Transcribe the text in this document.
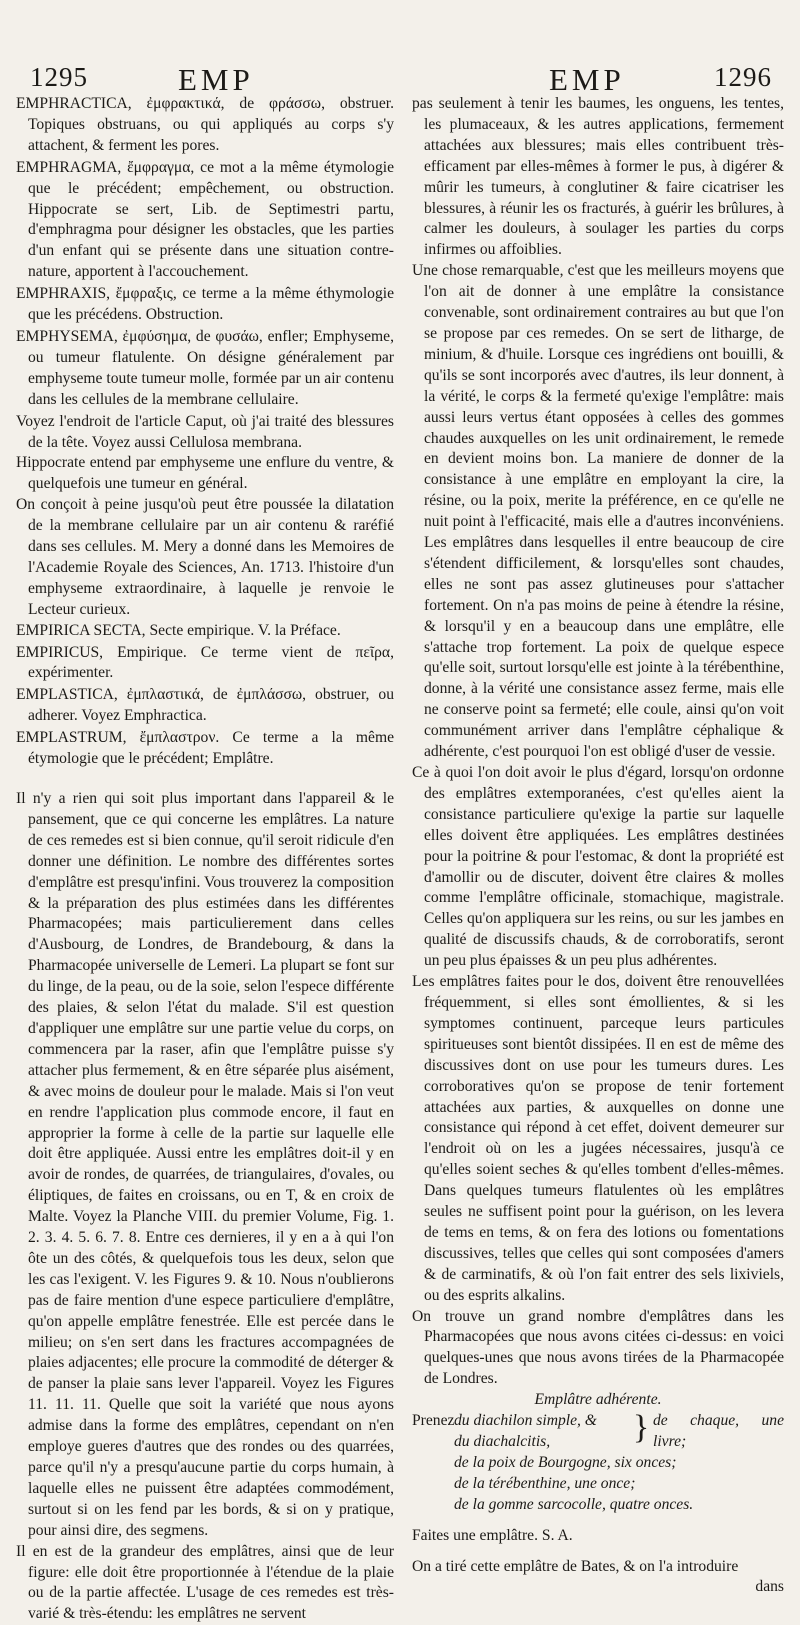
1295	EMP	EMP	1296

EMPHRACTICA, ἐμφρακτικά, de φράσσω, obstruer. Topiques obstruans, ou qui appliqués au corps s'y attachent, & ferment les pores.

EMPHRAGMA, ἔμφραγμα, ce mot a la même étymologie que le précédent; empêchement, ou obstruction. Hippocrate se sert, Lib. de Septimestri partu, d'emphragma pour désigner les obstacles, que les parties d'un enfant qui se présente dans une situation contre-nature, apportent à l'accouchement.

EMPHRAXIS, ἔμφραξις, ce terme a la même éthymologie que les précédens. Obstruction.

EMPHYSEMA, ἐμφύσημα, de φυσάω, enfler; Emphyseme, ou tumeur flatulente. On désigne généralement par emphyseme toute tumeur molle, formée par un air contenu dans les cellules de la membrane cellulaire.

Voyez l'endroit de l'article Caput, où j'ai traité des blessures de la tête. Voyez aussi Cellulosa membrana.

Hippocrate entend par emphyseme une enflure du ventre, & quelquefois une tumeur en général.

On conçoit à peine jusqu'où peut être poussée la dilatation de la membrane cellulaire par un air contenu & raréfié dans ses cellules. M. Mery a donné dans les Memoires de l'Academie Royale des Sciences, An. 1713. l'histoire d'un emphyseme extraordinaire, à laquelle je renvoie le Lecteur curieux.

EMPIRICA SECTA, Secte empirique. V. la Préface.

EMPIRICUS, Empirique. Ce terme vient de πεῖρα, expérimenter.

EMPLASTICA, ἐμπλαστικά, de ἐμπλάσσω, obstruer, ou adherer. Voyez Emphractica.

EMPLASTRUM, ἔμπλαστρον. Ce terme a la même étymologie que le précédent; Emplâtre.

Il n'y a rien qui soit plus important dans l'appareil & le pansement, que ce qui concerne les emplâtres. La nature de ces remedes est si bien connue, qu'il seroit ridicule d'en donner une définition. Le nombre des différentes sortes d'emplâtre est presqu'infini. Vous trouverez la composition & la préparation des plus estimées dans les différentes Pharmacopées; mais particulierement dans celles d'Ausbourg, de Londres, de Brandebourg, & dans la Pharmacopée universelle de Lemeri. La plupart se font sur du linge, de la peau, ou de la soie, selon l'espece différente des plaies, & selon l'état du malade. S'il est question d'appliquer une emplâtre sur une partie velue du corps, on commencera par la raser, afin que l'emplâtre puisse s'y attacher plus fermement, & en être séparée plus aisément, & avec moins de douleur pour le malade. Mais si l'on veut en rendre l'application plus commode encore, il faut en approprier la forme à celle de la partie sur laquelle elle doit être appliquée. Aussi entre les emplâtres doit-il y en avoir de rondes, de quarrées, de triangulaires, d'ovales, ou éliptiques, de faites en croissans, ou en T, & en croix de Malte. Voyez la Planche VIII. du premier Volume, Fig. 1. 2. 3. 4. 5. 6. 7. 8. Entre ces dernieres, il y en a à qui l'on ôte un des côtés, & quelquefois tous les deux, selon que les cas l'exigent. V. les Figures 9. & 10. Nous n'oublierons pas de faire mention d'une espece particuliere d'emplâtre, qu'on appelle emplâtre fenestrée. Elle est percée dans le milieu; on s'en sert dans les fractures accompagnées de plaies adjacentes; elle procure la commodité de déterger & de panser la plaie sans lever l'appareil. Voyez les Figures 11. 11. 11. Quelle que soit la variété que nous ayons admise dans la forme des emplâtres, cependant on n'en employe gueres d'autres que des rondes ou des quarrées, parce qu'il n'y a presqu'aucune partie du corps humain, à laquelle elles ne puissent être adaptées commodément, surtout si on les fend par les bords, & si on y pratique, pour ainsi dire, des segmens.

Il en est de la grandeur des emplâtres, ainsi que de leur figure: elle doit être proportionnée à l'étendue de la plaie ou de la partie affectée. L'usage de ces remedes est très-varié & très-étendu: les emplâtres ne servent

pas seulement à tenir les baumes, les onguens, les tentes, les plumaceaux, & les autres applications, fermement attachées aux blessures; mais elles contribuent très-efficament par elles-mêmes à former le pus, à digérer & mûrir les tumeurs, à conglutiner & faire cicatriser les blessures, à réunir les os fracturés, à guérir les brûlures, à calmer les douleurs, à soulager les parties du corps infirmes ou affoiblies.

Une chose remarquable, c'est que les meilleurs moyens que l'on ait de donner à une emplâtre la consistance convenable, sont ordinairement contraires au but que l'on se propose par ces remedes. On se sert de litharge, de minium, & d'huile. Lorsque ces ingrédiens ont bouilli, & qu'ils se sont incorporés avec d'autres, ils leur donnent, à la vérité, le corps & la fermeté qu'exige l'emplâtre: mais aussi leurs vertus étant opposées à celles des gommes chaudes auxquelles on les unit ordinairement, le remede en devient moins bon. La maniere de donner de la consistance à une emplâtre en employant la cire, la résine, ou la poix, merite la préférence, en ce qu'elle ne nuit point à l'efficacité, mais elle a d'autres inconvéniens. Les emplâtres dans lesquelles il entre beaucoup de cire s'étendent difficilement, & lorsqu'elles sont chaudes, elles ne sont pas assez glutineuses pour s'attacher fortement. On n'a pas moins de peine à étendre la résine, & lorsqu'il y en a beaucoup dans une emplâtre, elle s'attache trop fortement. La poix de quelque espece qu'elle soit, surtout lorsqu'elle est jointe à la térébenthine, donne, à la vérité une consistance assez ferme, mais elle ne conserve point sa fermeté; elle coule, ainsi qu'on voit communément arriver dans l'emplâtre céphalique & adhérente, c'est pourquoi l'on est obligé d'user de vessie.

Ce à quoi l'on doit avoir le plus d'égard, lorsqu'on ordonne des emplâtres extemporanées, c'est qu'elles aient la consistance particuliere qu'exige la partie sur laquelle elles doivent être appliquées. Les emplâtres destinées pour la poitrine & pour l'estomac, & dont la propriété est d'amollir ou de discuter, doivent être claires & molles comme l'emplâtre officinale, stomachique, magistrale. Celles qu'on appliquera sur les reins, ou sur les jambes en qualité de discussifs chauds, & de corroboratifs, seront un peu plus épaisses & un peu plus adhérentes.

Les emplâtres faites pour le dos, doivent être renouvellées fréquemment, si elles sont émollientes, & si les symptomes continuent, parceque leurs particules spiritueuses sont bientôt dissipées. Il en est de même des discussives dont on use pour les tumeurs dures. Les corroboratives qu'on se propose de tenir fortement attachées aux parties, & auxquelles on donne une consistance qui répond à cet effet, doivent demeurer sur l'endroit où on les a jugées nécessaires, jusqu'à ce qu'elles soient seches & qu'elles tombent d'elles-mêmes. Dans quelques tumeurs flatulentes où les emplâtres seules ne suffisent point pour la guérison, on les levera de tems en tems, & on fera des lotions ou fomentations discussives, telles que celles qui sont composées d'amers & de carminatifs, & où l'on fait entrer des sels lixiviels, ou des esprits alkalins.

On trouve un grand nombre d'emplâtres dans les Pharmacopées que nous avons citées ci-dessus: en voici quelques-unes que nous avons tirées de la Pharmacopée de Londres.

Emplâtre adhérente.

Prenez du diachilon simple, &	} de chaque, une livre;
du diachalcitis,
de la poix de Bourgogne, six onces;
de la térébenthine, une once;
de la gomme sarcocolle, quatre onces.

Faites une emplâtre. S. A.

On a tiré cette emplâtre de Bates, & on l'a introduire

dans
